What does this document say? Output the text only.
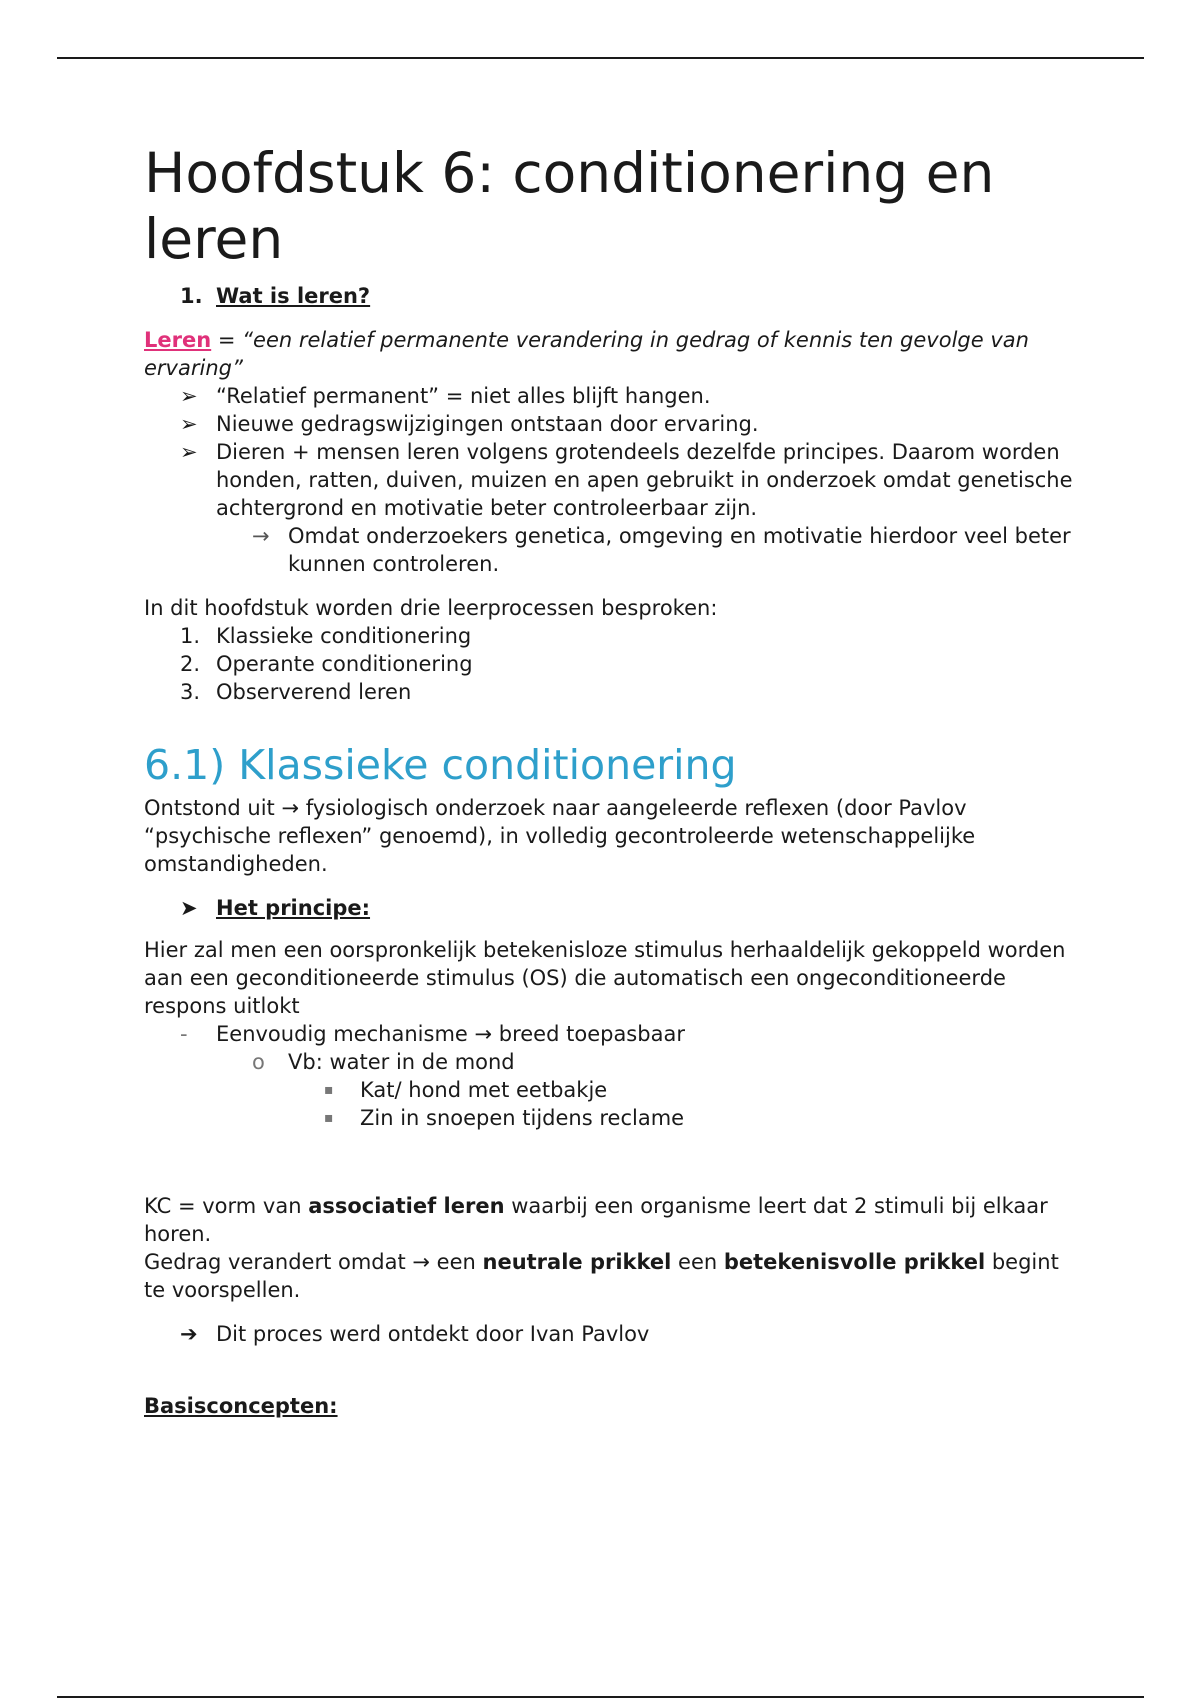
Hoofdstuk 6: conditionering en leren
1. Wat is leren?

Leren = “een relatief permanente verandering in gedrag of kennis ten gevolge van ervaring”

➢ “Relatief permanent” = niet alles blijft hangen.
➢ Nieuwe gedragswijzigingen ontstaan door ervaring.
➢ Dieren + mensen leren volgens grotendeels dezelfde principes. Daarom worden honden, ratten, duiven, muizen en apen gebruikt in onderzoek omdat genetische achtergrond en motivatie beter controleerbaar zijn.
→ Omdat onderzoekers genetica, omgeving en motivatie hierdoor veel beter kunnen controleren.

In dit hoofdstuk worden drie leerprocessen besproken:

1. Klassieke conditionering
2. Operante conditionering
3. Observerend leren
6.1) Klassieke conditionering

Ontstond uit → fysiologisch onderzoek naar aangeleerde reflexen (door Pavlov “psychische reflexen” genoemd), in volledig gecontroleerde wetenschappelijke omstandigheden.

➤ Het principe:

Hier zal men een oorspronkelijk betekenisloze stimulus herhaaldelijk gekoppeld worden aan een geconditioneerde stimulus (OS) die automatisch een ongeconditioneerde respons uitlokt

- Eenvoudig mechanisme → breed toepasbaar
o Vb: water in de mond
▪ Kat/ hond met eetbakje
▪ Zin in snoepen tijdens reclame

KC = vorm van associatief leren waarbij een organisme leert dat 2 stimuli bij elkaar horen.

Gedrag verandert omdat → een neutrale prikkel een betekenisvolle prikkel begint te voorspellen.

➔ Dit proces werd ontdekt door Ivan Pavlov

Basisconcepten:
